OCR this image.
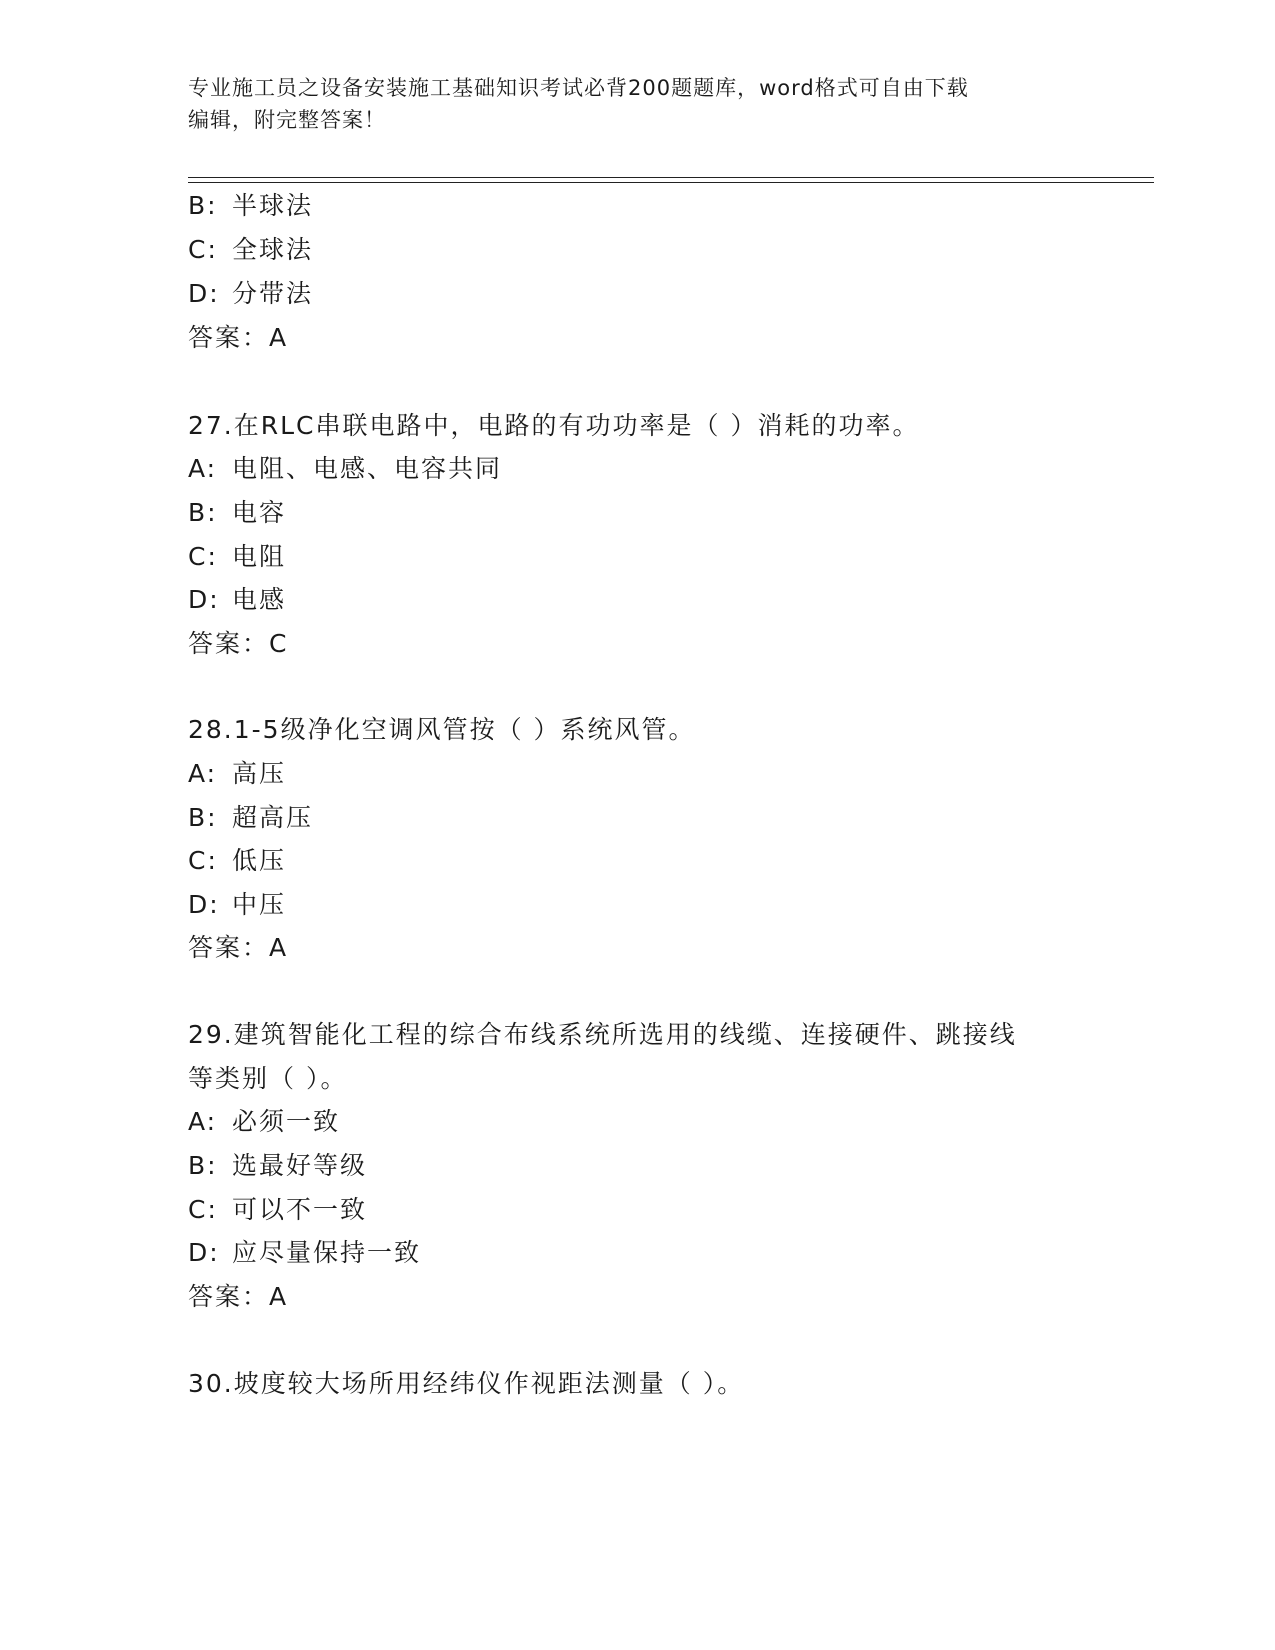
专业施工员之设备安装施工基础知识考试必背200题题库，word格式可自由下载
编辑，附完整答案！
B: 半球法
C: 全球法
D: 分带法
答案：A
27.在RLC串联电路中，电路的有功功率是（ ）消耗的功率。
A: 电阻、电感、电容共同
B: 电容
C: 电阻
D: 电感
答案：C
28.1-5级净化空调风管按（ ）系统风管。
A: 高压
B: 超高压
C: 低压
D: 中压
答案：A
29.建筑智能化工程的综合布线系统所选用的线缆、连接硬件、跳接线
等类别（ ）。
A: 必须一致
B: 选最好等级
C: 可以不一致
D: 应尽量保持一致
答案：A
30.坡度较大场所用经纬仪作视距法测量（ ）。
